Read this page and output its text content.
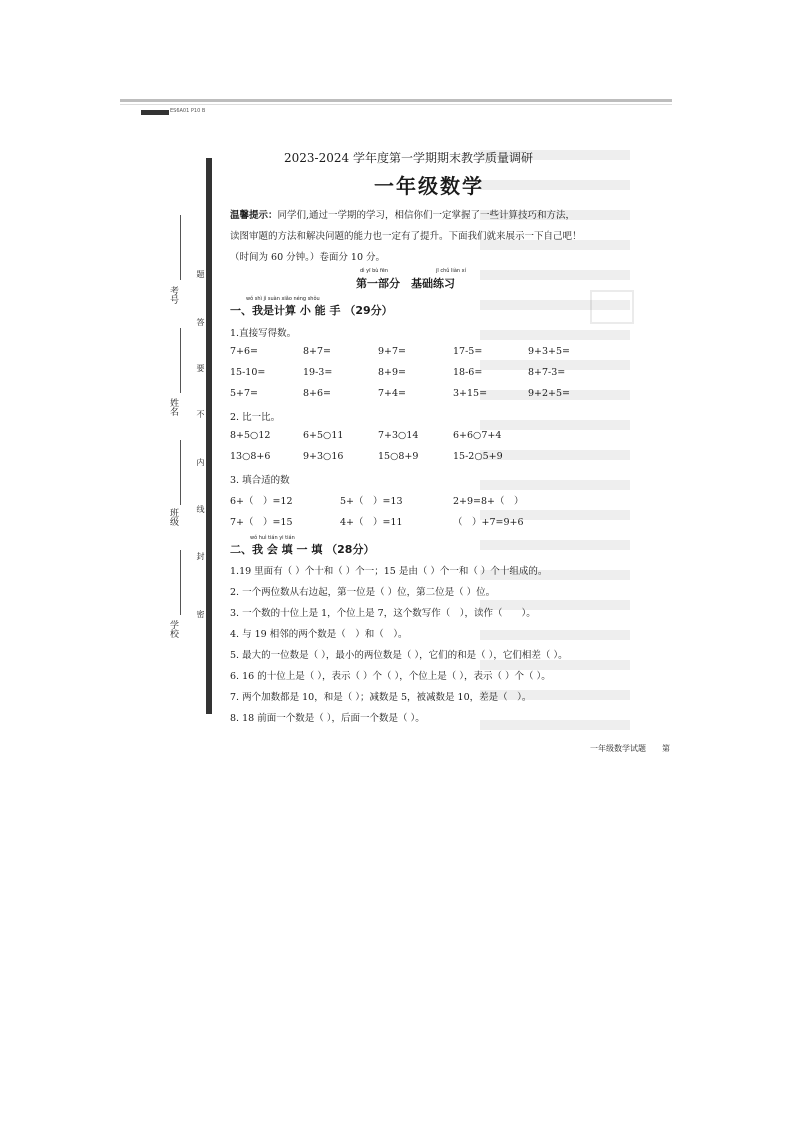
ES6A01 P10 B
考号
姓名
班级
学校
题
答
要
不
内
线
封
密
2023-2024 学年度第一学期期末教学质量调研
一年级数学
温馨提示：同学们,通过一学期的学习，相信你们一定掌握了一些计算技巧和方法，
读图审题的方法和解决问题的能力也一定有了提升。下面我们就来展示一下自己吧！
（时间为 60 分钟。）卷面分 10 分。
dì yī bù fēn	jī chǔ liàn xí
第一部分　基础练习
wǒ shì jì suàn xiǎo néng shǒu
一、我是计算 小 能 手 （29分）
1.直接写得数。
7+6=	8+7=	9+7=	17-5=	9+3+5=
15-10=	19-3=	8+9=	18-6=	8+7-3=
5+7=	8+6=	7+4=	3+15=	9+2+5=
2. 比一比。
8+5○12	6+5○11	7+3○14	6+6○7+4
13○8+6	9+3○16	15○8+9	15-2○5+9
3. 填合适的数
6+（　）=12	5+（　）=13	2+9=8+（　）
7+（　）=15	4+（　）=11	（　）+7=9+6
wǒ huì tián yi tián
二、我 会 填 一 填 （28分）
1.19 里面有（ ）个十和（ ）个一；15 是由（ ）个一和（ ）个十组成的。
2. 一个两位数从右边起，第一位是（ ）位，第二位是（ ）位。
3. 一个数的十位上是 1，个位上是 7，这个数写作（　），读作（　　）。
4. 与 19 相邻的两个数是（　）和（　）。
5. 最大的一位数是（ ），最小的两位数是（ ），它们的和是（ ），它们相差（ ）。
6. 16 的十位上是（ ），表示（ ）个（ ），个位上是（ ），表示（ ）个（ ）。
7. 两个加数都是 10，和是（ ）；减数是 5，被减数是 10，差是（　）。
8. 18 前面一个数是（ ），后面一个数是（ ）。
一年级数学试题 第
